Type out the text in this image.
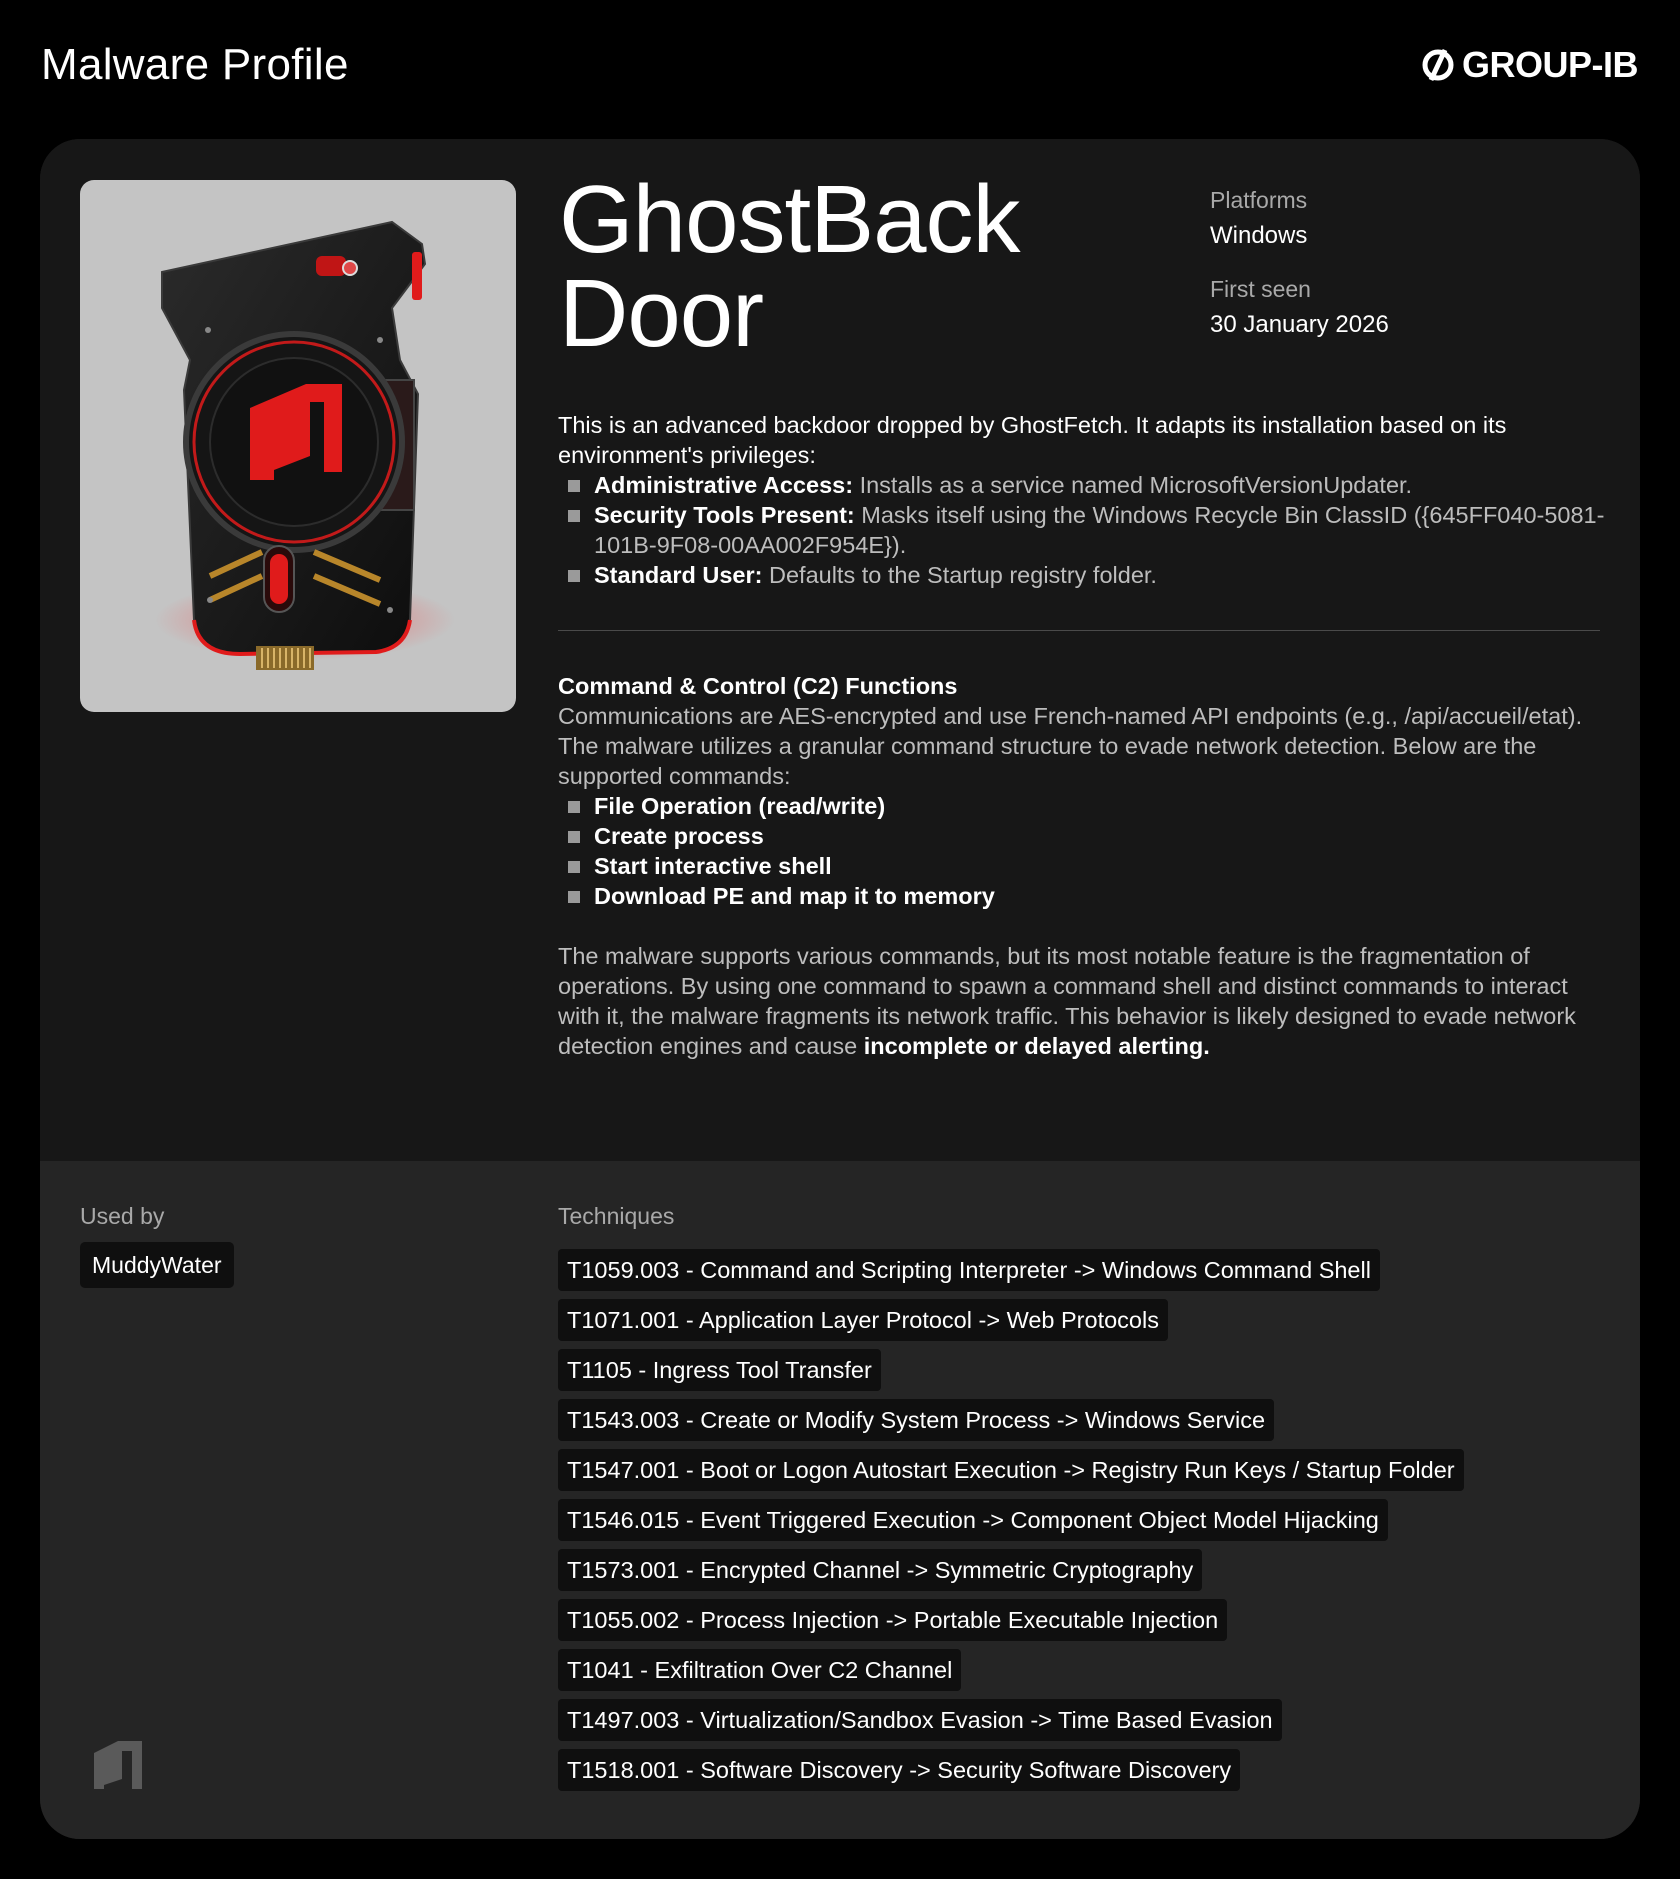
Malware Profile	GROUP-IB
GhostBack
Door
Platforms
Windows
First seen
30 January 2026
This is an advanced backdoor dropped by GhostFetch. It adapts its installation based on its environment's privileges:
Administrative Access: Installs as a service named MicrosoftVersionUpdater.
Security Tools Present: Masks itself using the Windows Recycle Bin ClassID ({645FF040-5081-101B-9F08-00AA002F954E}).
Standard User: Defaults to the Startup registry folder.
Command & Control (C2) Functions
Communications are AES-encrypted and use French-named API endpoints (e.g., /api/accueil/etat). The malware utilizes a granular command structure to evade network detection. Below are the supported commands:
File Operation (read/write)
Create process
Start interactive shell
Download PE and map it to memory
The malware supports various commands, but its most notable feature is the fragmentation of operations. By using one command to spawn a command shell and distinct commands to interact with it, the malware fragments its network traffic. This behavior is likely designed to evade network detection engines and cause incomplete or delayed alerting.
Used by
MuddyWater
Techniques
T1059.003 - Command and Scripting Interpreter -> Windows Command Shell
T1071.001 - Application Layer Protocol -> Web Protocols
T1105 - Ingress Tool Transfer
T1543.003 - Create or Modify System Process -> Windows Service
T1547.001 - Boot or Logon Autostart Execution -> Registry Run Keys / Startup Folder
T1546.015 - Event Triggered Execution -> Component Object Model Hijacking
T1573.001 - Encrypted Channel -> Symmetric Cryptography
T1055.002 - Process Injection -> Portable Executable Injection
T1041 - Exfiltration Over C2 Channel
T1497.003 - Virtualization/Sandbox Evasion -> Time Based Evasion
T1518.001 - Software Discovery -> Security Software Discovery
